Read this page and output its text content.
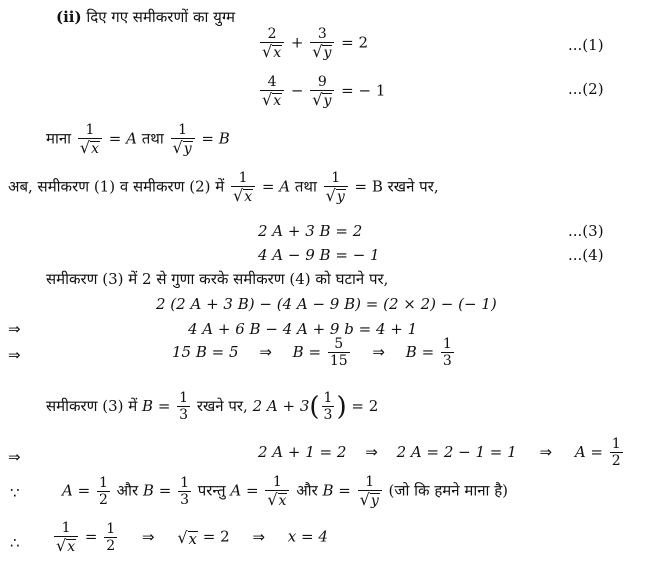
(ii) दिए गए समीकरणों का युग्म
$\frac{2}{√ x} + \frac{3}{√ y} = 2$	...(1)
$\frac{4}{√ x} - \frac{9}{√ y}$ = − 1	...(2)
माना $\frac{1}{√ x} = A$ तथा $\frac{1}{√ y} = B$
अब, समीकरण (1) व समीकरण (2) में $\frac{1}{√ x} = A$ तथा $\frac{1}{√ y} = B$ रखने पर,
2 A + 3 B = 2	...(3)
4 A − 9 B = − 1	...(4)
समीकरण (3) में 2 से गुणा करके समीकरण (4) को घटाने पर,
2 (2 A + 3 B) − (4 A − 9 B) = (2 × 2) − (− 1)
⇒	4 A + 6 B − 4 A + 9 b = 4 + 1
⇒	15 B = 5 ⇒ $B = \frac{5}{15}$ ⇒ $B = \frac{1}{3}$
समीकरण (3) में $B = \frac{1}{3}$ रखने पर, 2 $A + 3( \frac{1}{3}$ ) = 2
⇒	2 A + 1 = 2 ⇒ 2 A = 2 − 1 = 1 ⇒ $A = \frac{1}{2}$
∵	$A = \frac{1}{2}$ और $B = \frac{1}{3}$ परन्तु $A = \frac{1}{√ x}$ और $B = \frac{1}{√ y}$ (जो कि हमने माना है)
∴ $\frac{1}{√ x} = \frac{1}{2}$ ⇒ √ x = 2 ⇒ x = 4
